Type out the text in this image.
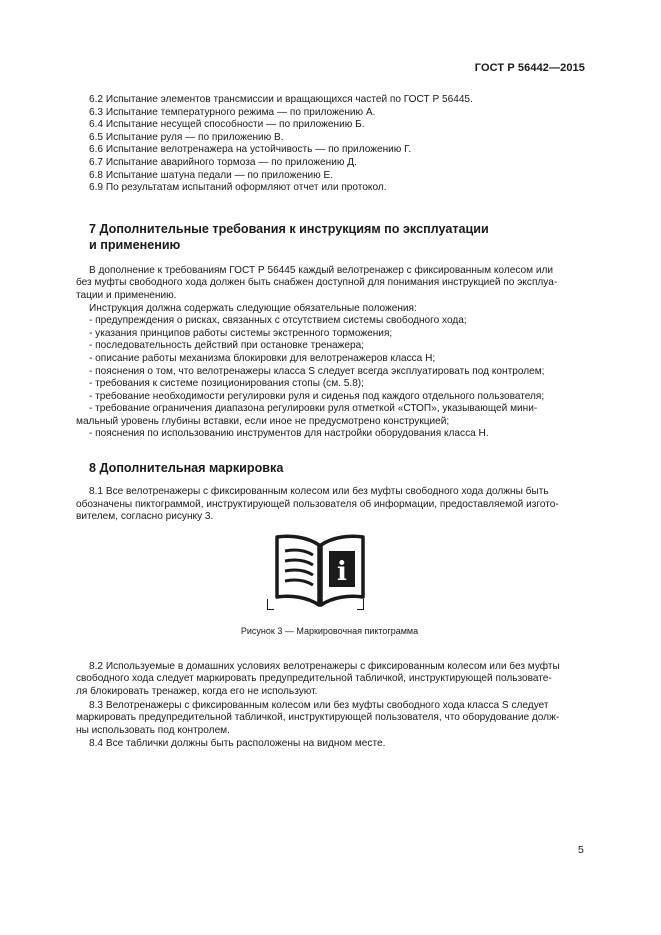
ГОСТ Р 56442—2015
6.2 Испытание элементов трансмиссии и вращающихся частей по ГОСТ Р 56445.
6.3 Испытание температурного режима — по приложению А.
6.4 Испытание несущей способности — по приложению Б.
6.5 Испытание руля — по приложению В.
6.6 Испытание велотренажера на устойчивость — по приложению Г.
6.7 Испытание аварийного тормоза — по приложению Д.
6.8 Испытание шатуна педали — по приложению Е.
6.9 По результатам испытаний оформляют отчет или протокол.
7 Дополнительные требования к инструкциям по эксплуатации
и применению
В дополнение к требованиям ГОСТ Р 56445 каждый велотренажер с фиксированным колесом или
без муфты свободного хода должен быть снабжен доступной для понимания инструкцией по эксплуа-
тации и применению.
Инструкция должна содержать следующие обязательные положения:
- предупреждения о рисках, связанных с отсутствием системы свободного хода;
- указания принципов работы системы экстренного торможения;
- последовательность действий при остановке тренажера;
- описание работы механизма блокировки для велотренажеров класса Н;
- пояснения о том, что велотренажеры класса S следует всегда эксплуатировать под контролем;
- требования к системе позиционирования стопы (см. 5.8);
- требование необходимости регулировки руля и сиденья под каждого отдельного пользователя;
- требование ограничения диапазона регулировки руля отметкой «СТОП», указывающей мини-
мальный уровень глубины вставки, если иное не предусмотрено конструкцией;
- пояснения по использованию инструментов для настройки оборудования класса Н.
8 Дополнительная маркировка
8.1 Все велотренажеры с фиксированным колесом или без муфты свободного хода должны быть
обозначены пиктограммой, инструктирующей пользователя об информации, предоставляемой изгото-
вителем, согласно рисунку 3.
i
Рисунок 3 — Маркировочная пиктограмма
8.2 Используемые в домашних условиях велотренажеры с фиксированным колесом или без муфты
свободного хода следует маркировать предупредительной табличкой, инструктирующей пользовате-
ля блокировать тренажер, когда его не используют.
8.3 Велотренажеры с фиксированным колесом или без муфты свободного хода класса S следует
маркировать предупредительной табличкой, инструктирующей пользователя, что оборудование долж-
ны использовать под контролем.
8.4 Все таблички должны быть расположены на видном месте.
5
